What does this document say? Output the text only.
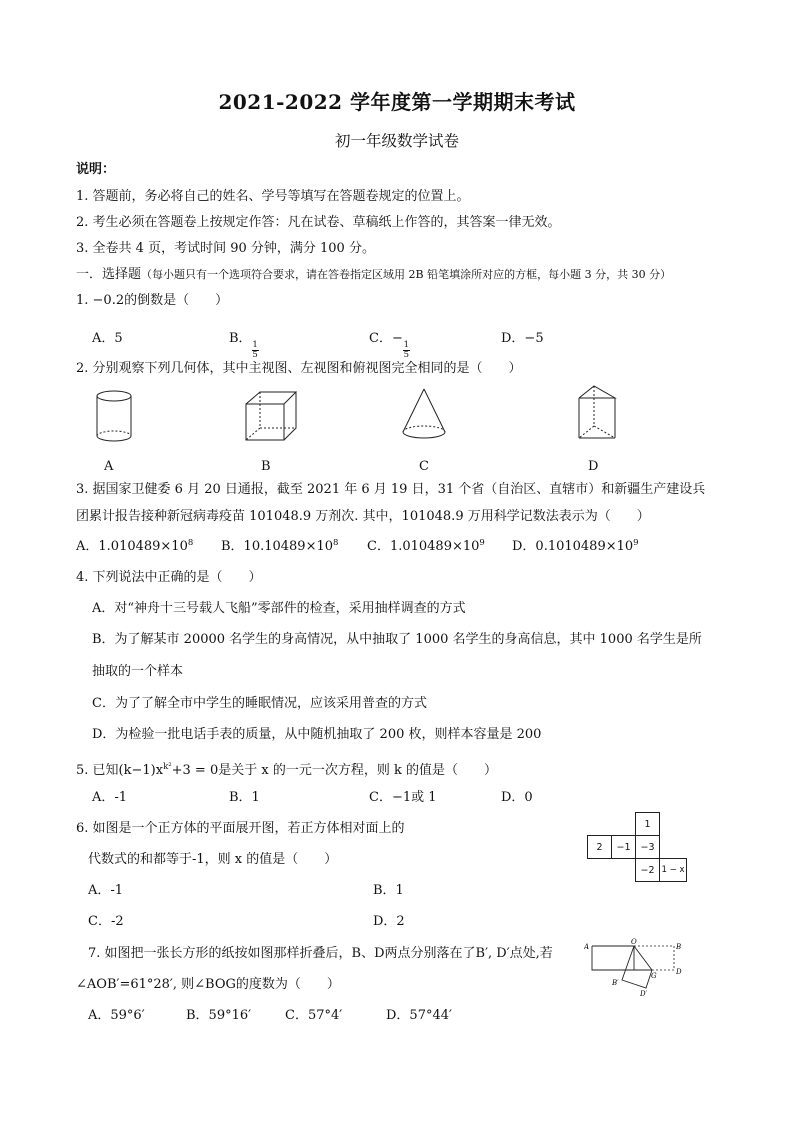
2021-2022 学年度第一学期期末考试
初一年级数学试卷
说明：
1. 答题前，务必将自己的姓名、学号等填写在答题卷规定的位置上。
2. 考生必须在答题卷上按规定作答：凡在试卷、草稿纸上作答的，其答案一律无效。
3. 全卷共 4 页，考试时间 90 分钟，满分 100 分。
一．选择题（每小题只有一个选项符合要求，请在答卷指定区域用 2B 铅笔填涂所对应的方框，每小题 3 分，共 30 分）
1. −0.2的倒数是（　　）
A．5	B．
$\frac{1}{5}$
C．−
$\frac{1}{5}$
D．−5
2. 分别观察下列几何体，其中主视图、左视图和俯视图完全相同的是（　　）
A	B	C	D
3. 据国家卫健委 6 月 20 日通报，截至 2021 年 6 月 19 日，31 个省（自治区、直辖市）和新疆生产建设兵
团累计报告接种新冠病毒疫苗 101048.9 万剂次. 其中，101048.9 万用科学记数法表示为（　　）
A．$1.010489\times 10^8$ B．$10.10489\times 10^8$ C．$1.010489\times 10^9$ D．$0.1010489\times 10^9$
4. 下列说法中正确的是（　　）
A．对“神舟十三号载人飞船”零部件的检查，采用抽样调查的方式
B．为了解某市 20000 名学生的身高情况，从中抽取了 1000 名学生的身高信息，其中 1000 名学生是所
抽取的一个样本
C．为了了解全市中学生的睡眠情况，应该采用普查的方式
D．为检验一批电话手表的质量，从中随机抽取了 200 枚，则样本容量是 200
5. 已知$(k-1)x^{k^2}+3 = 0$是关于 x 的一元一次方程，则 k 的值是（　　）
A．-1	B．1	C．−1或 1	D．0
6. 如图是一个正方体的平面展开图，若正方体相对面上的
代数式的和都等于-1，则 x 的值是（　　）
A．-1	B．1
C．-2	D．2
1
2	−1	−3
−2 1 − x
7. 如图把一张长方形的纸按如图那样折叠后，B、D两点分别落在了B′, D′点处,若
∠AOB′=61°28′, 则∠BOG的度数为（　　）
A．59°6′	B．59°16′	C．57°4′	D．57°44′
A
O
B
G	D
B′
D′
